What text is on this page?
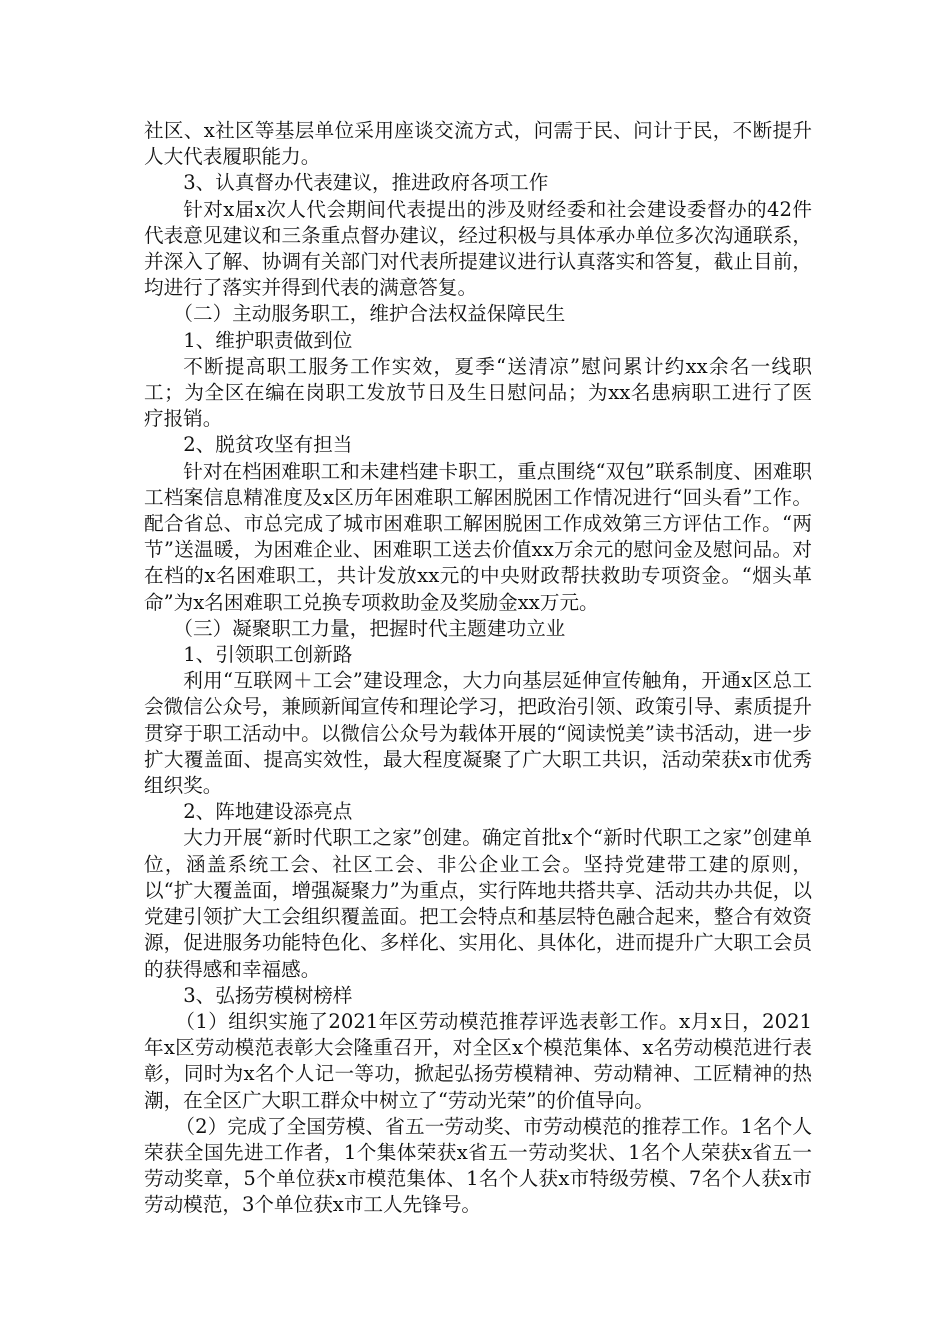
社区、x社区等基层单位采用座谈交流方式，问需于民、问计于民，不断提升人大代表履职能力。

3、认真督办代表建议，推进政府各项工作

针对x届x次人代会期间代表提出的涉及财经委和社会建设委督办的42件代表意见建议和三条重点督办建议，经过积极与具体承办单位多次沟通联系，并深入了解、协调有关部门对代表所提建议进行认真落实和答复，截止目前，均进行了落实并得到代表的满意答复。

（二）主动服务职工，维护合法权益保障民生

1、维护职责做到位

不断提高职工服务工作实效，夏季“送清凉”慰问累计约xx余名一线职工；为全区在编在岗职工发放节日及生日慰问品；为xx名患病职工进行了医疗报销。

2、脱贫攻坚有担当

针对在档困难职工和未建档建卡职工，重点围绕“双包”联系制度、困难职工档案信息精准度及x区历年困难职工解困脱困工作情况进行“回头看”工作。配合省总、市总完成了城市困难职工解困脱困工作成效第三方评估工作。“两节”送温暖，为困难企业、困难职工送去价值xx万余元的慰问金及慰问品。对在档的x名困难职工，共计发放xx元的中央财政帮扶救助专项资金。“烟头革命”为x名困难职工兑换专项救助金及奖励金xx万元。

（三）凝聚职工力量，把握时代主题建功立业

1、引领职工创新路

利用“互联网＋工会”建设理念，大力向基层延伸宣传触角，开通x区总工会微信公众号，兼顾新闻宣传和理论学习，把政治引领、政策引导、素质提升贯穿于职工活动中。以微信公众号为载体开展的“阅读悦美”读书活动，进一步扩大覆盖面、提高实效性，最大程度凝聚了广大职工共识，活动荣获x市优秀组织奖。

2、阵地建设添亮点

大力开展“新时代职工之家”创建。确定首批x个“新时代职工之家”创建单位，涵盖系统工会、社区工会、非公企业工会。坚持党建带工建的原则，以“扩大覆盖面，增强凝聚力”为重点，实行阵地共搭共享、活动共办共促，以党建引领扩大工会组织覆盖面。把工会特点和基层特色融合起来，整合有效资源，促进服务功能特色化、多样化、实用化、具体化，进而提升广大职工会员的获得感和幸福感。

3、弘扬劳模树榜样

（1）组织实施了2021年区劳动模范推荐评选表彰工作。x月x日，2021年x区劳动模范表彰大会隆重召开，对全区x个模范集体、x名劳动模范进行表彰，同时为x名个人记一等功，掀起弘扬劳模精神、劳动精神、工匠精神的热潮，在全区广大职工群众中树立了“劳动光荣”的价值导向。

（2）完成了全国劳模、省五一劳动奖、市劳动模范的推荐工作。1名个人荣获全国先进工作者，1个集体荣获x省五一劳动奖状、1名个人荣获x省五一劳动奖章，5个单位获x市模范集体、1名个人获x市特级劳模、7名个人获x市劳动模范，3个单位获x市工人先锋号。
